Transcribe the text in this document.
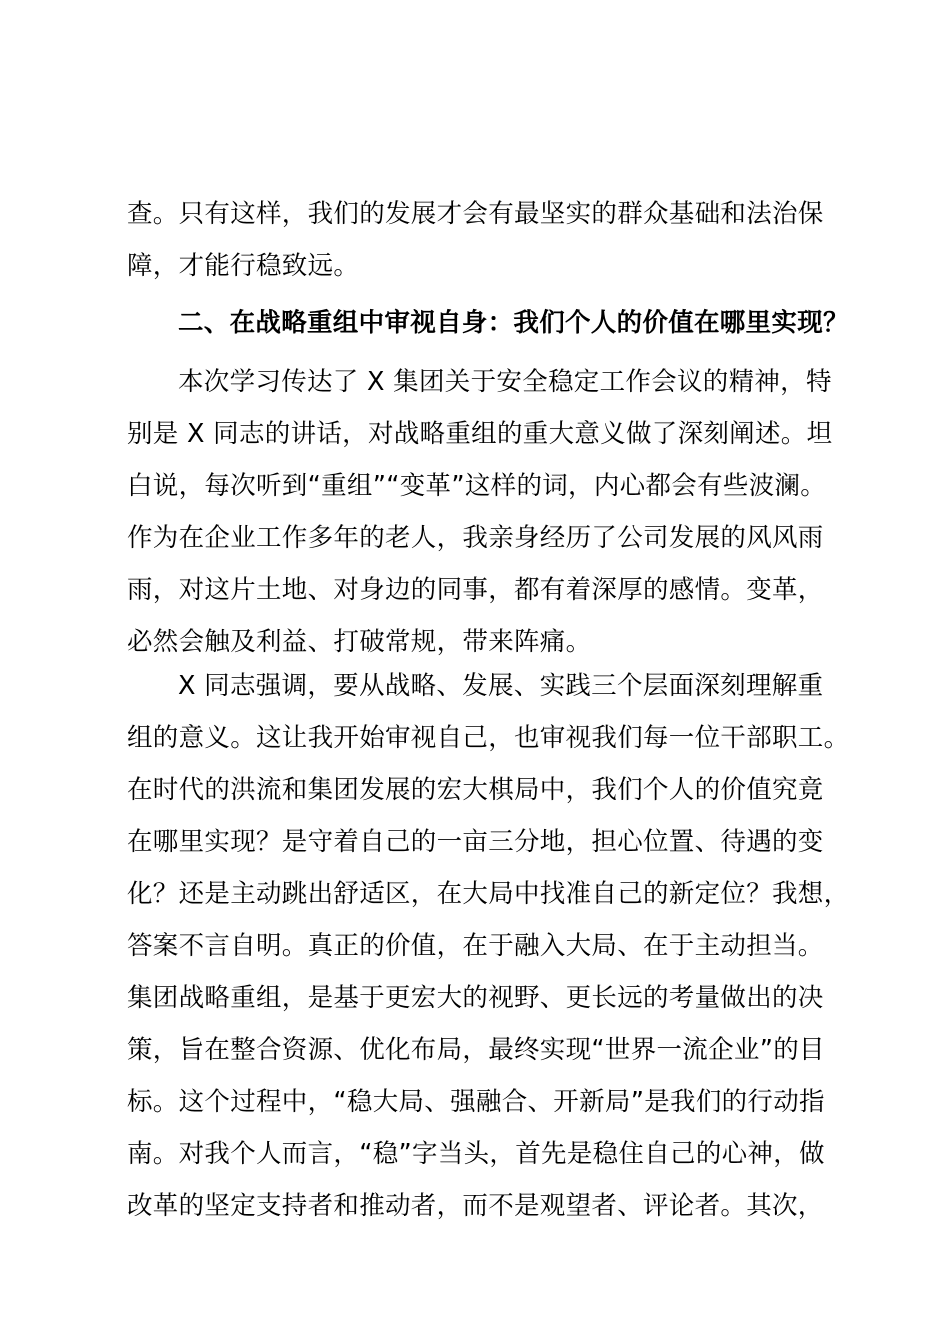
查。只有这样，我们的发展才会有最坚实的群众基础和法治保
障，才能行稳致远。
二、在战略重组中审视自身：我们个人的价值在哪里实现？
本次学习传达了 X 集团关于安全稳定工作会议的精神，特
别是 X 同志的讲话，对战略重组的重大意义做了深刻阐述。坦
白说，每次听到“重组”“变革”这样的词，内心都会有些波澜。
作为在企业工作多年的老人，我亲身经历了公司发展的风风雨
雨，对这片土地、对身边的同事，都有着深厚的感情。变革，
必然会触及利益、打破常规，带来阵痛。
X 同志强调，要从战略、发展、实践三个层面深刻理解重
组的意义。这让我开始审视自己，也审视我们每一位干部职工。
在时代的洪流和集团发展的宏大棋局中，我们个人的价值究竟
在哪里实现？是守着自己的一亩三分地，担心位置、待遇的变
化？还是主动跳出舒适区，在大局中找准自己的新定位？我想，
答案不言自明。真正的价值，在于融入大局、在于主动担当。
集团战略重组，是基于更宏大的视野、更长远的考量做出的决
策，旨在整合资源、优化布局，最终实现“世界一流企业”的目
标。这个过程中，“稳大局、强融合、开新局”是我们的行动指
南。对我个人而言，“稳”字当头，首先是稳住自己的心神，做
改革的坚定支持者和推动者，而不是观望者、评论者。其次，
